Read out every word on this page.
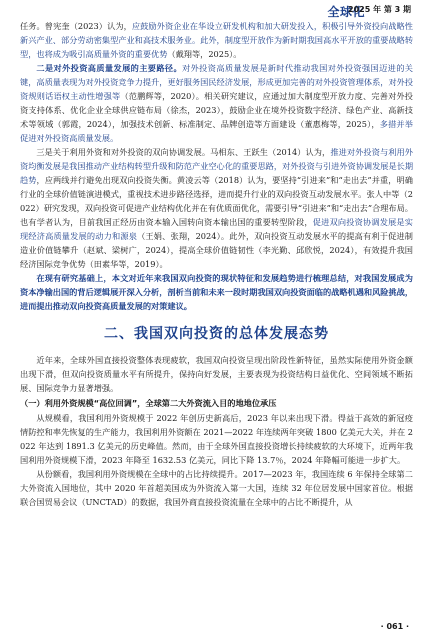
全球化
2025 年 第 3 期

任务。曾宪奎（2023）认为，应鼓励外资企业在华设立研发机构和加大研发投入，积极引导外资投向战略性新兴产业、部分劳动密集型产业和高技术服务业。此外，制度型开放作为新时期我国高水平开放的重要战略转型，也将成为吸引高质量外资的重要优势（戴翔等，2025）。

二是对外投资高质量发展的主要路径。对外投资高质量发展是新时代推动我国对外投资强国迈进的关键，高质量表现为对外投资竞争力提升，更好服务国民经济发展，形成更加完善的对外投资管理体系，对外投资规则话语权主动性增强等（范鹏辉等，2020）。相关研究建议，应通过加大制度型开放力度、完善对外投资支持体系、优化企业全球供应链布局（徐杰，2023），鼓励企业在境外投资数字经济、绿色产业、高新技术等领域（郭霞，2024），加强技术创新、标准制定、品牌创造等方面建设（董惠梅等，2025），多措并举促进对外投资高质量发展。

三是关于利用外资和对外投资的双向协调发展。马相东、王跃生（2014）认为，推进对外投资与利用外资均衡发展是我国推动产业结构转型升级和防范产业空心化的重要思路，对外投资与引进外资协调发展是长期趋势，应两线并行避免出现双向投资失衡。黄凌云等（2018）认为，要坚持“引进来”和“走出去”并重，明确行业的全球价值链演进模式，重视技术进步路径选择，进而提升行业的双向投资互动发展水平。张人中等（2022）研究发现，双向投资可促进产业结构优化并在有优质面优化，需要引导“引进来”和“走出去”合理布局。也有学者认为，目前我国正经历由资本输入国转向资本输出国的重要转型阶段，促进双向投资协调发展是实现经济高质量发展的动力和源泉（王娟、张翔，2024）。此外，双向投资互动发展水平的提高有利于促进制造业价值链攀升（赵斌、梁树广，2024），提高全球价值链韧性（李光勤、邱欣悦，2024），有效提升我国经济国际竞争优势（田素华等，2019）。

在现有研究基础上，本文对近年来我国双向投资的现状特征和发展趋势进行梳理总结，对我国发展成为资本净输出国的背后逻辑展开深入分析，剖析当前和未来一段时期我国双向投资面临的战略机遇和风险挑战，进而提出推动双向投资高质量发展的对策建议。

二、我国双向投资的总体发展态势

近年来，全球外国直接投资整体表现疲软，我国双向投资呈现出阶段性新特征，虽然实际使用外资金额出现下滑，但双向投资质量水平有所提升，保持向好发展，主要表现为投资结构日益优化、空间领域不断拓展、国际竞争力显著增强。

（一）利用外资规模“高位回调”，全球第二大外资流入目的地地位承压

从规模看，我国利用外资规模于 2022 年创历史新高后，2023 年以来出现下滑。得益于高效的新冠疫情防控和率先恢复的生产能力，我国利用外资额在 2021—2022 年连续两年突破 1800 亿美元大关，并在 2022 年达到 1891.3 亿美元的历史峰值。然而，由于全球外国直接投资增长持续疲软的大环境下，近两年我国利用外资规模下滑，2023 年降至 1632.53 亿美元，同比下降 13.7％，2024 年降幅可能进一步扩大。

从份额看，我国利用外资规模在全球中的占比持续提升。2017—2023 年，我国连续 6 年保持全球第二大外资流入国地位，其中 2020 年首超美国成为外资流入第一大国，连续 32 年位居发展中国家首位。根据联合国贸易会议（UNCTAD）的数据，我国外商直接投资流量在全球中的占比不断提升，从

· 061 ·
